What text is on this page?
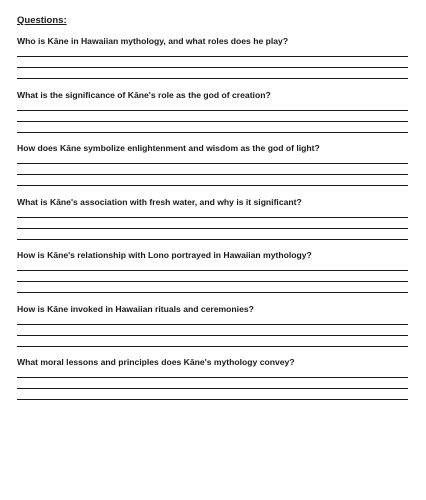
Questions:
Who is Kāne in Hawaiian mythology, and what roles does he play?
What is the significance of Kāne's role as the god of creation?
How does Kāne symbolize enlightenment and wisdom as the god of light?
What is Kāne's association with fresh water, and why is it significant?
How is Kāne's relationship with Lono portrayed in Hawaiian mythology?
How is Kāne invoked in Hawaiian rituals and ceremonies?
What moral lessons and principles does Kāne's mythology convey?
